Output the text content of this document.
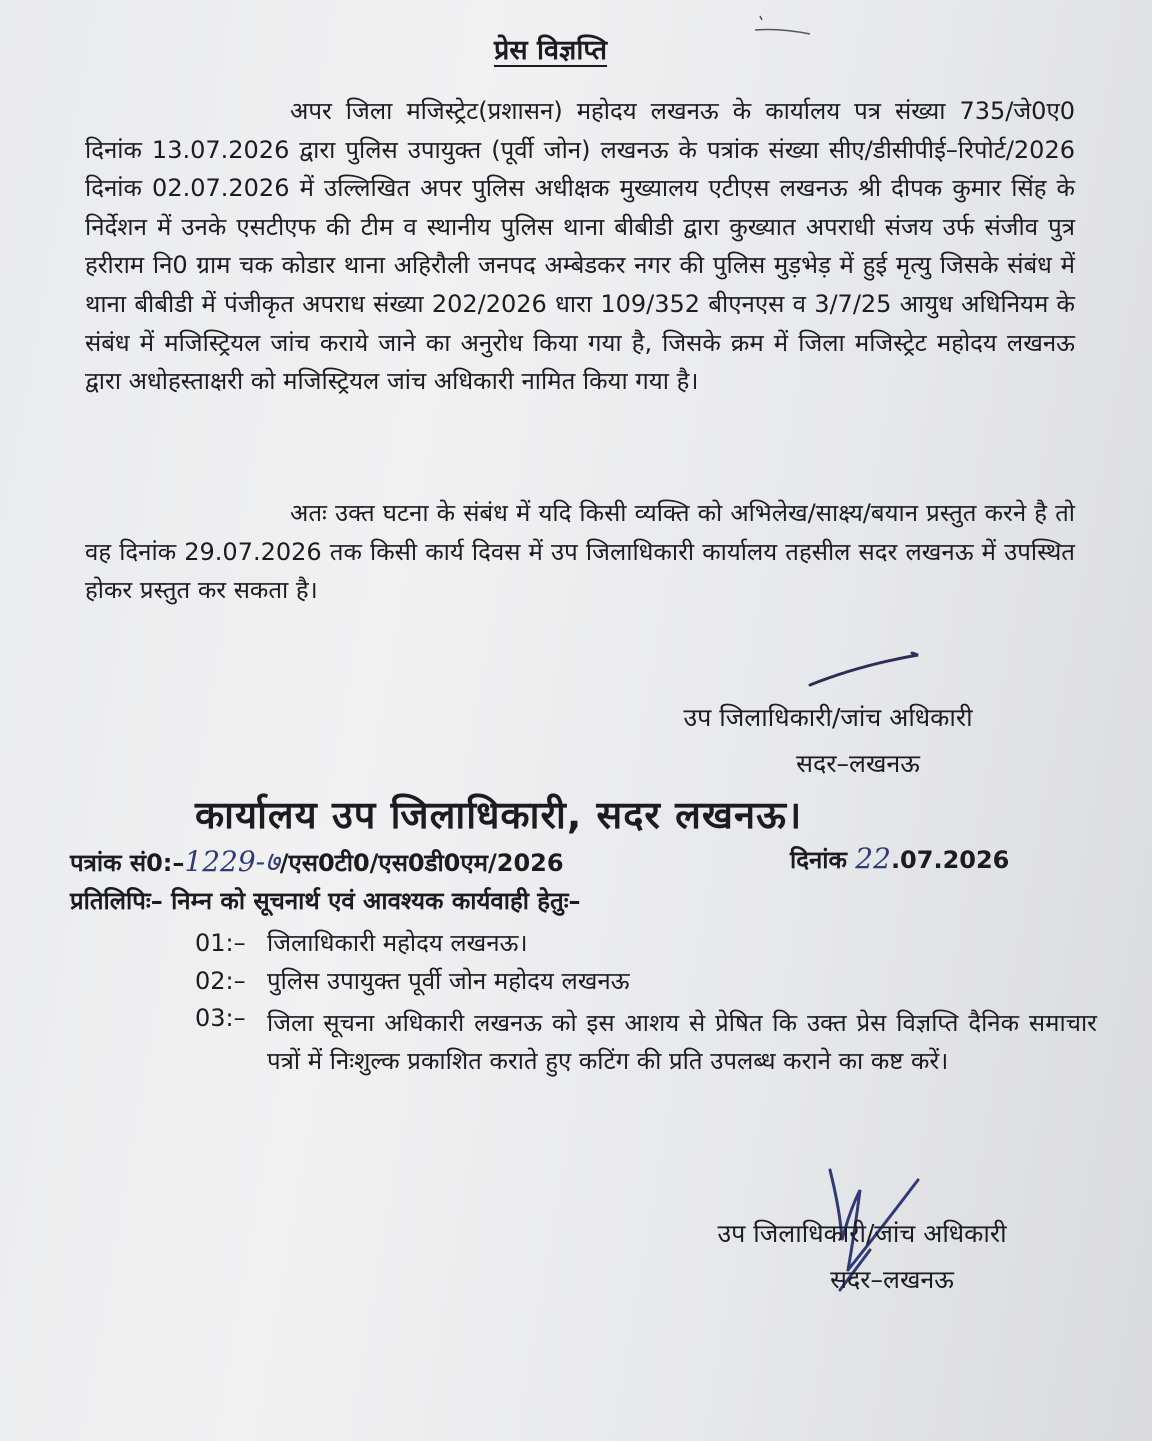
प्रेस विज्ञप्ति

अपर जिला मजिस्ट्रेट(प्रशासन) महोदय लखनऊ के कार्यालय पत्र संख्या 735/जे0ए0 दिनांक 13.07.2026 द्वारा पुलिस उपायुक्त (पूर्वी जोन) लखनऊ के पत्रांक संख्या सीए/डीसीपीई–रिपोर्ट/2026 दिनांक 02.07.2026 में उल्लिखित अपर पुलिस अधीक्षक मुख्यालय एटीएस लखनऊ श्री दीपक कुमार सिंह के निर्देशन में उनके एसटीएफ की टीम व स्थानीय पुलिस थाना बीबीडी द्वारा कुख्यात अपराधी संजय उर्फ संजीव पुत्र हरीराम नि0 ग्राम चक कोडार थाना अहिरौली जनपद अम्बेडकर नगर की पुलिस मुड़भेड़ में हुई मृत्यु जिसके संबंध में थाना बीबीडी में पंजीकृत अपराध संख्या 202/2026 धारा 109/352 बीएनएस व 3/7/25 आयुध अधिनियम के संबंध में मजिस्ट्रियल जांच कराये जाने का अनुरोध किया गया है, जिसके क्रम में जिला मजिस्ट्रेट महोदय लखनऊ द्वारा अधोहस्ताक्षरी को मजिस्ट्रियल जांच अधिकारी नामित किया गया है।

अतः उक्त घटना के संबंध में यदि किसी व्यक्ति को अभिलेख/साक्ष्य/बयान प्रस्तुत करने है तो वह दिनांक 29.07.2026 तक किसी कार्य दिवस में उप जिलाधिकारी कार्यालय तहसील सदर लखनऊ में उपस्थित होकर प्रस्तुत कर सकता है।

उप जिलाधिकारी/जांच अधिकारी
सदर–लखनऊ
कार्यालय उप जिलाधिकारी, सदर लखनऊ।
पत्रांक सं0:–1229-७/एस0टी0/एस0डी0एम/2026	दिनांक 22.07.2026
प्रतिलिपिः– निम्न को सूचनार्थ एवं आवश्यक कार्यवाही हेतुः–
01:– जिलाधिकारी महोदय लखनऊ।
02:– पुलिस उपायुक्त पूर्वी जोन महोदय लखनऊ
03:– जिला सूचना अधिकारी लखनऊ को इस आशय से प्रेषित कि उक्त प्रेस विज्ञप्ति दैनिक समाचार पत्रों में निःशुल्क प्रकाशित कराते हुए कटिंग की प्रति उपलब्ध कराने का कष्ट करें।
उप जिलाधिकारी/जांच अधिकारी
सदर–लखनऊ
